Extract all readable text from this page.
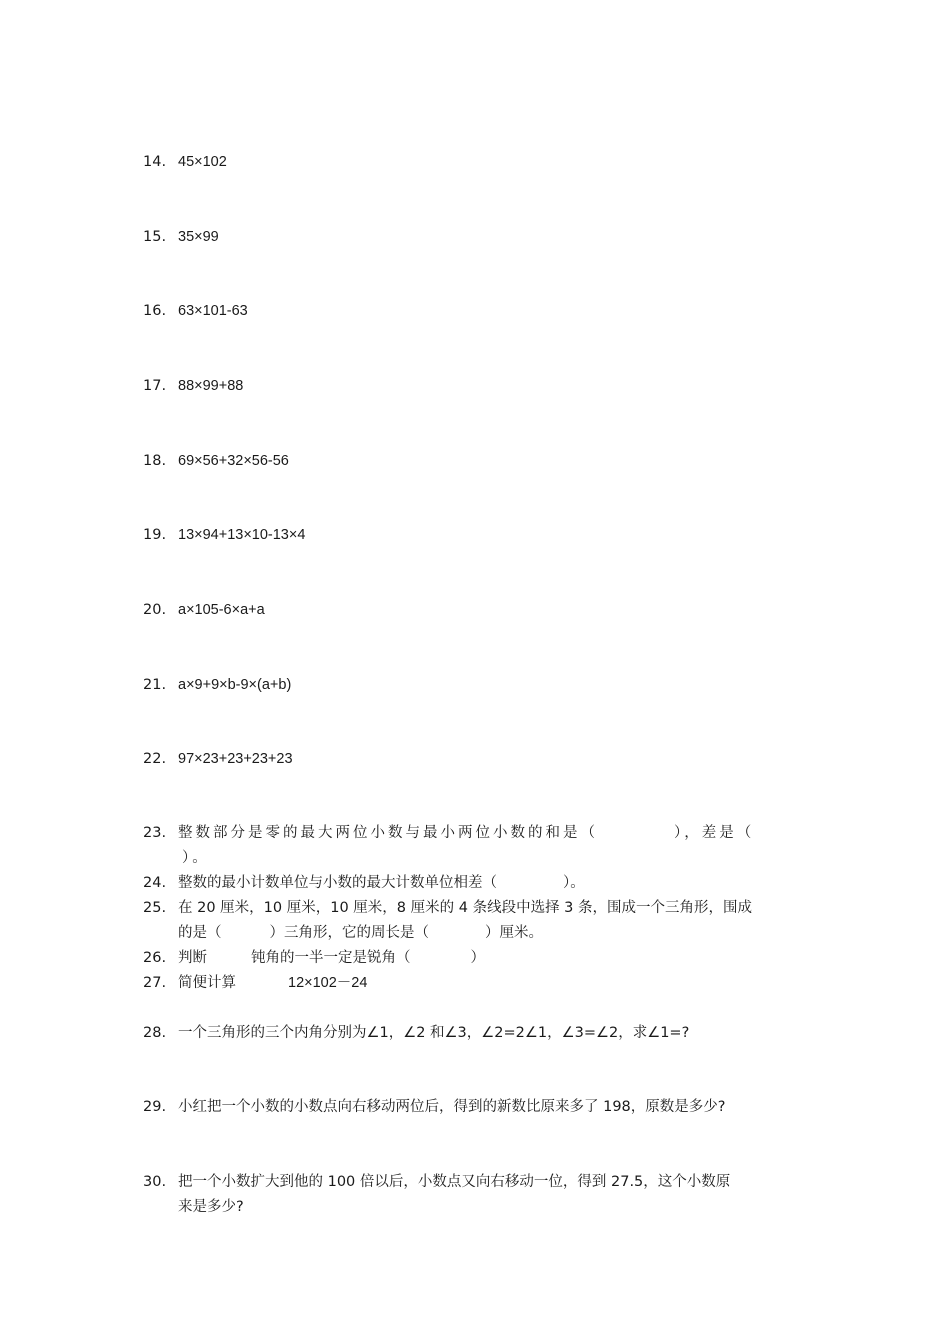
14. 45×102
15. 35×99
16. 63×101-63
17. 88×99+88
18. 69×56+32×56-56
19. 13×94+13×10-13×4
20. a×105-6×a+a
21. a×9+9×b-9×(a+b)
22. 97×23+23+23+23
23. 整数部分是零的最大两位小数与最小两位小数的和是（	），差是（
）。
24. 整数的最小计数单位与小数的最大计数单位相差（	）。
25. 在 20 厘米，10 厘米，10 厘米，8 厘米的 4 条线段中选择 3 条，围成一个三角形，围成
的是（	）三角形，它的周长是（	）厘米。
26. 判断	钝角的一半一定是锐角（	）
27. 简便计算	12×102－24
28. 一个三角形的三个内角分别为∠1，∠2 和∠3，∠2=2∠1，∠3=∠2，求∠1=?
29. 小红把一个小数的小数点向右移动两位后，得到的新数比原来多了 198，原数是多少?
30. 把一个小数扩大到他的 100 倍以后，小数点又向右移动一位，得到 27.5，这个小数原
来是多少?
